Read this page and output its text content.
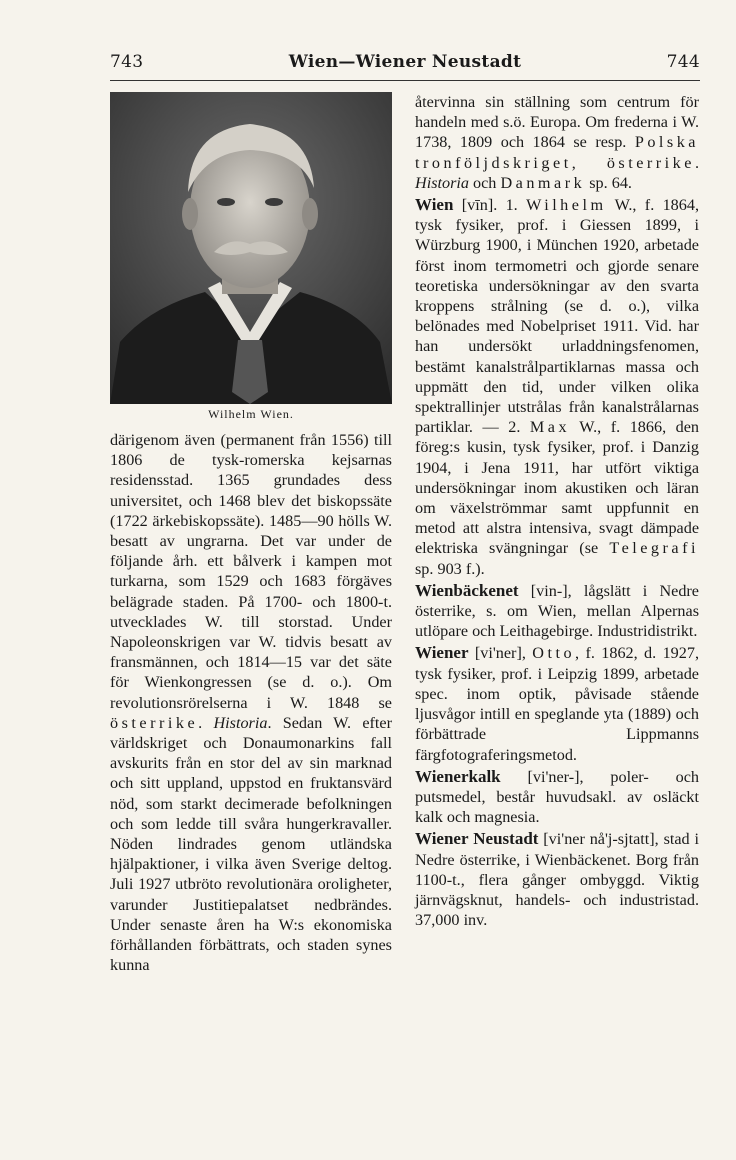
743	Wien—Wiener Neustadt	744
Wilhelm Wien.

därigenom även (permanent från 1556) till 1806 de tysk-romerska kejsarnas residensstad. 1365 grundades dess universitet, och 1468 blev det biskopssäte (1722 ärkebiskopssäte). 1485—90 hölls W. besatt av ungrarna. Det var under de följande årh. ett bålverk i kampen mot turkarna, som 1529 och 1683 förgäves belägrade staden. På 1700- och 1800-t. utvecklades W. till storstad. Under Napoleonskrigen var W. tidvis besatt av fransmännen, och 1814—15 var det säte för Wienkongressen (se d. o.). Om revolutionsrörelserna i W. 1848 se österrike. Historia. Sedan W. efter världskriget och Donaumonarkins fall avskurits från en stor del av sin marknad och sitt uppland, uppstod en fruktansvärd nöd, som starkt decimerade befolkningen och som ledde till svåra hungerkravaller. Nöden lindrades genom utländska hjälpaktioner, i vilka även Sverige deltog. Juli 1927 utbröto revolutionära oroligheter, varunder Justitiepalatset nedbrändes. Under senaste åren ha W:s ekonomiska förhållanden förbättrats, och staden synes kunna

återvinna sin ställning som centrum för handeln med s.ö. Europa. Om frederna i W. 1738, 1809 och 1864 se resp. Polska tronföljdskriget, österrike. Historia och Danmark sp. 64.

Wien [vīn]. 1. Wilhelm W., f. 1864, tysk fysiker, prof. i Giessen 1899, i Würzburg 1900, i München 1920, arbetade först inom termometri och gjorde senare teoretiska undersökningar av den svarta kroppens strålning (se d. o.), vilka belönades med Nobelpriset 1911. Vid. har han undersökt urladdningsfenomen, bestämt kanalstrålpartiklarnas massa och uppmätt den tid, under vilken olika spektrallinjer utstrålas från kanalstrålarnas partiklar. — 2. Max W., f. 1866, den föreg:s kusin, tysk fysiker, prof. i Danzig 1904, i Jena 1911, har utfört viktiga undersökningar inom akustiken och läran om växelströmmar samt uppfunnit en metod att alstra intensiva, svagt dämpade elektriska svängningar (se Telegrafi sp. 903 f.).

Wienbäckenet [vin-], lågslätt i Nedre österrike, s. om Wien, mellan Alpernas utlöpare och Leithagebirge. Industridistrikt.

Wiener [vi'ner], Otto, f. 1862, d. 1927, tysk fysiker, prof. i Leipzig 1899, arbetade spec. inom optik, påvisade stående ljusvågor intill en speglande yta (1889) och förbättrade Lippmanns färgfotograferingsmetod.

Wienerkalk [vi'ner-], poler- och putsmedel, består huvudsakl. av osläckt kalk och magnesia.

Wiener Neustadt [vi'ner nå'j-sjtatt], stad i Nedre österrike, i Wienbäckenet. Borg från 1100-t., flera gånger ombyggd. Viktig järnvägsknut, handels- och industristad. 37,000 inv.
